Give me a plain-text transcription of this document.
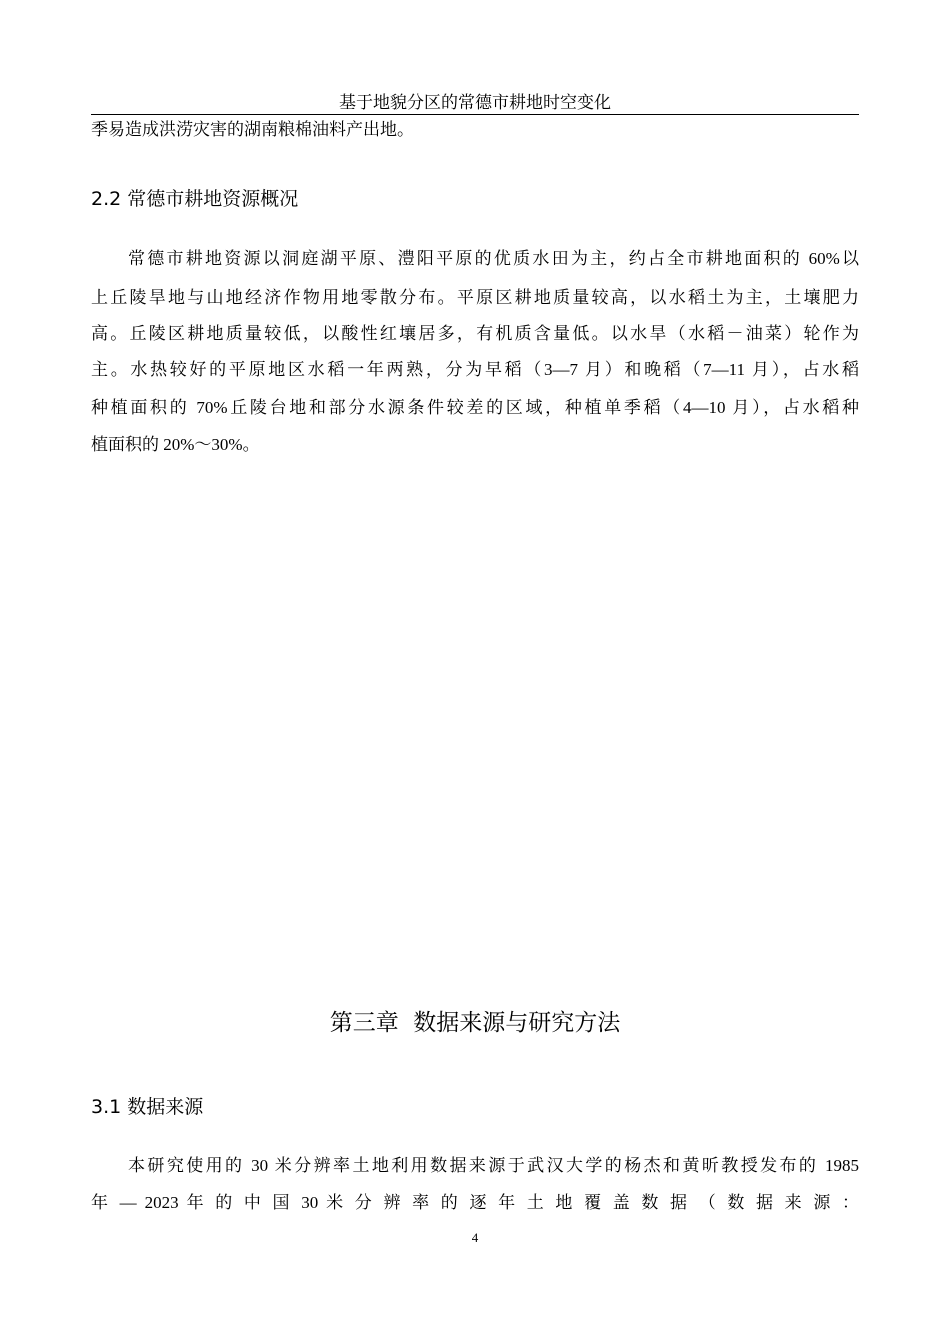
基于地貌分区的常德市耕地时空变化
季易造成洪涝灾害的湖南粮棉油料产出地。
2.2 常德市耕地资源概况
常德市耕地资源以洞庭湖平原、澧阳平原的优质水田为主，约占全市耕地面积的 60%以
上丘陵旱地与山地经济作物用地零散分布。平原区耕地质量较高，以水稻土为主，土壤肥力
高。丘陵区耕地质量较低，以酸性红壤居多，有机质含量低。以水旱（水稻－油菜）轮作为
主。水热较好的平原地区水稻一年两熟，分为早稻（3—7 月）和晚稻（7—11 月），占水稻
种植面积的 70%丘陵台地和部分水源条件较差的区域，种植单季稻（4—10 月），占水稻种
植面积的 20%～30%。
第三章  数据来源与研究方法
3.1 数据来源
本研究使用的 30 米分辨率土地利用数据来源于武汉大学的杨杰和黄昕教授发布的 1985
年 — 2023 年 的 中 国 30 米 分 辨 率 的 逐 年 土 地 覆 盖 数 据 （ 数 据 来 源 ：
4
